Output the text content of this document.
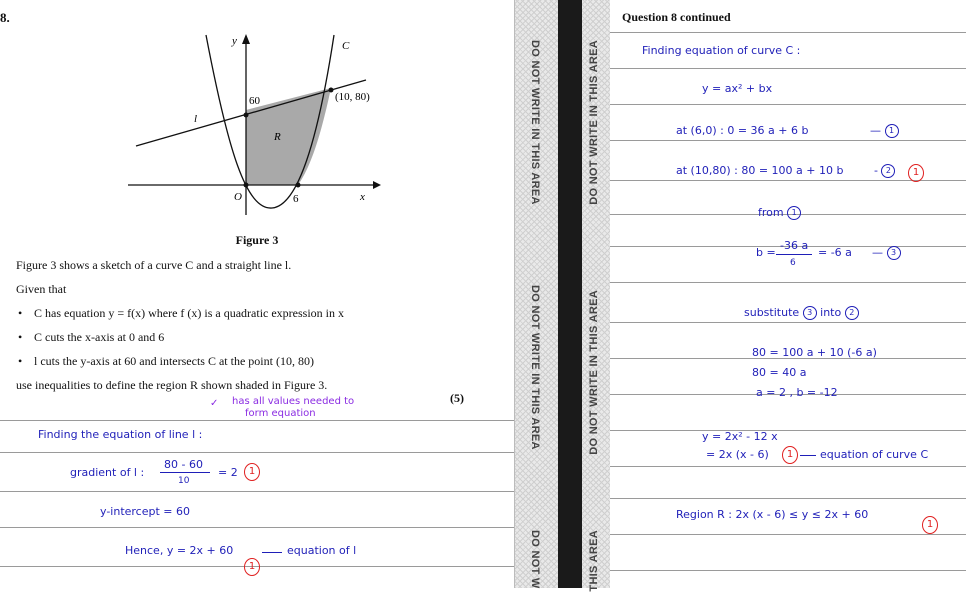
8.
y
x
C
l
R
O
60
6
(10, 80)
Figure 3
Figure 3 shows a sketch of a curve C and a straight line l.
Given that
• C has equation y = f(x) where f (x) is a quadratic expression in x
• C cuts the x-axis at 0 and 6
• l cuts the y-axis at 60 and intersects C at the point (10, 80)
use inequalities to define the region R shown shaded in Figure 3.
(5)
✓ has all values needed to
form equation
Finding the equation of line l :
gradient of l :
80 - 60
10
= 2	1
y-intercept = 60
Hence, y = 2x + 60	equation of l
1
DO NOT WRITE IN THIS AREA
DO NOT WRITE IN THIS AREA
DO NOT W
DO NOT WRITE IN THIS AREA
DO NOT WRITE IN THIS AREA
THIS AREA
Question 8 continued
Finding equation of curve C :
y = ax² + bx
at (6,0) : 0 = 36 a + 6 b	— 1
at (10,80) : 80 = 100 a + 10 b	- 2	1
from 1
b =
-36 a
6
= -6 a — 3
substitute 3 into 2
80 = 100 a + 10 (-6 a)
80 = 40 a
a = 2 , b = -12
y = 2x² - 12 x
= 2x (x - 6)	1	equation of curve C
Region R : 2x (x - 6) ≤ y ≤ 2x + 60
1
